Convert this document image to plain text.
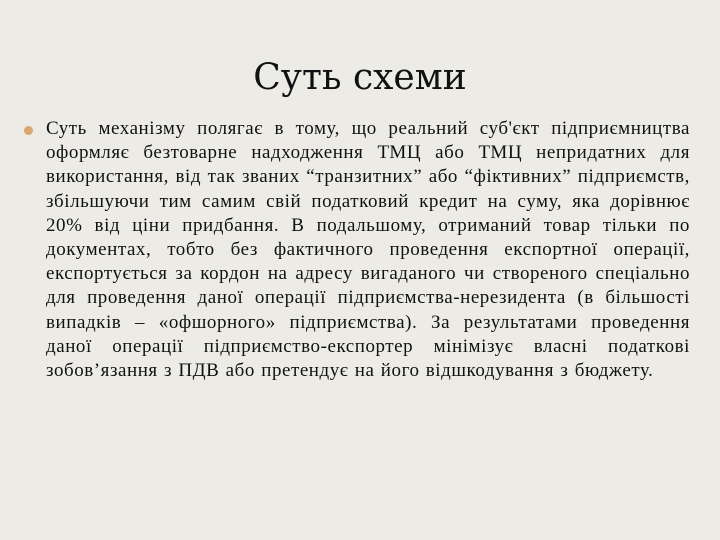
Суть схеми

Суть механізму полягає в тому, що реальний суб'єкт підприємництва оформляє безтоварне надходження ТМЦ або ТМЦ непридатних для використання, від так званих “транзитних” або “фіктивних” підприємств, збільшуючи тим самим свій податковий кредит на суму, яка дорівнює 20% від ціни придбання. В подальшому, отриманий товар тільки по документах, тобто без фактичного проведення експортної операції, експортується за кордон на адресу вигаданого чи створеного спеціально для проведення даної операції підприємства-нерезидента (в більшості випадків – «офшорного» підприємства). За результатами проведення даної операції підприємство-експортер мінімізує власні податкові зобов’язання з ПДВ або претендує на його відшкодування з бюджету.
